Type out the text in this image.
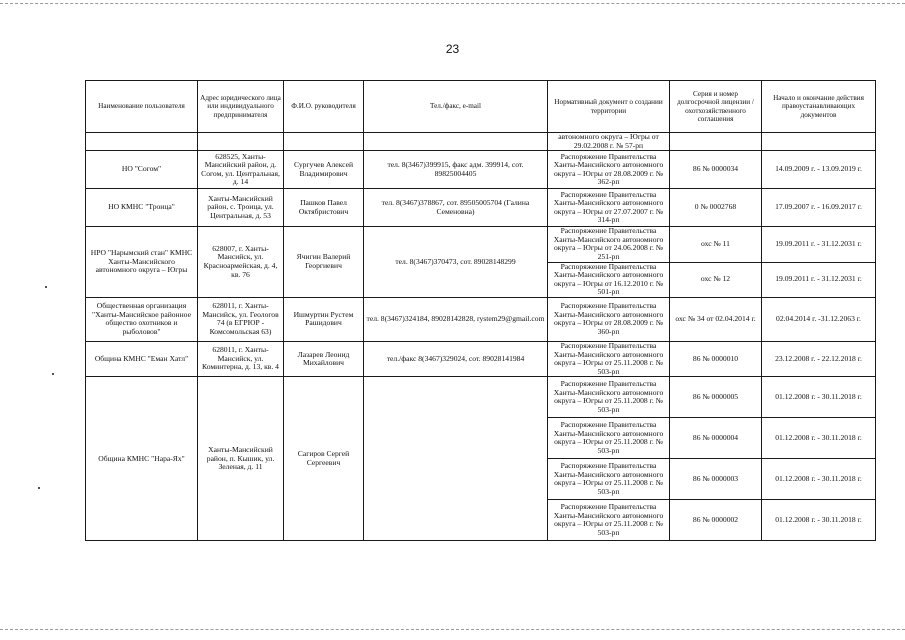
23
Наименование пользователя	Адрес юридического лица или индивидуального предпринимателя	Ф.И.О. руководителя	Тел./факс, e-mail	Нормативный документ о создании территории	Серия и номер долгосрочной лицензии /охотхозяйственного соглашения	Начало и окончание действия правоустанавливающих документов
				автономного округа – Югры от 29.02.2008 г. № 57-рп		
НО "Согом"	628525, Ханты-Мансийский район, д. Согом, ул. Центральная, д. 14	Сургучев Алексей Владимирович	тел. 8(3467)399915, факс адм. 399914, сот. 89825004405	Распоряжение Правительства Ханты-Мансийского автономного округа – Югры от 28.08.2009 г. № 362-рп	86 № 0000034	14.09.2009 г. - 13.09.2019 г.
НО КМНС "Троица"	Ханты-Мансийский район, с. Троица, ул. Центральная, д. 53	Пашков Павел Октябристович	тел. 8(3467)378867, сот. 89505005704 (Галина Семеновна)	Распоряжение Правительства Ханты-Мансийского автономного округа – Югры от 27.07.2007 г. № 314-рп	0 № 0002768	17.09.2007 г. - 16.09.2017 г.
НРО "Нарымский стан" КМНС Ханты-Мансийского автономного округа – Югры	628007, г. Ханты-Мансийск, ул. Красноармейская, д. 4, кв. 76	Ячигин Валерий Георгиевич	тел. 8(3467)370473, сот. 89028148299	Распоряжение Правительства Ханты-Мансийского автономного округа – Югры от 24.06.2008 г. № 251-рп	охс № 11	19.09.2011 г. - 31.12.2031 г.
				Распоряжение Правительства Ханты-Мансийского автономного округа – Югры от 16.12.2010 г. № 501-рп	охс № 12	19.09.2011 г. - 31.12.2031 г.
Общественная организация "Ханты-Мансийское районное общество охотников и рыболовов"	628011, г. Ханты-Мансийск, ул. Геологов 74 (в ЕГРЮР - Комсомольская 63)	Ишмуртин Рустем Рашидович	тел. 8(3467)324184, 89028142828, rystem29@gmail.com	Распоряжение Правительства Ханты-Мансийского автономного округа – Югры от 28.08.2009 г. № 360-рп	охс № 34 от 02.04.2014 г.	02.04.2014 г. -31.12.2063 г.
Община КМНС "Еман Хатл"	628011, г. Ханты-Мансийск, ул. Коминтерна, д. 13, кв. 4	Лазарев Леонид Михайлович	тел./факс 8(3467)329024, сот. 89028141984	Распоряжение Правительства Ханты-Мансийского автономного округа – Югры от 25.11.2008 г. № 503-рп	86 № 0000010	23.12.2008 г. - 22.12.2018 г.
Община КМНС "Нара-Ях"	Ханты-Мансийский район, п. Кышик, ул. Зеленая, д. 11	Сагиров Сергей Сергеевич		Распоряжение Правительства Ханты-Мансийского автономного округа – Югры от 25.11.2008 г. № 503-рп	86 № 0000005	01.12.2008 г. - 30.11.2018 г.
				Распоряжение Правительства Ханты-Мансийского автономного округа – Югры от 25.11.2008 г. № 503-рп	86 № 0000004	01.12.2008 г. - 30.11.2018 г.
				Распоряжение Правительства Ханты-Мансийского автономного округа – Югры от 25.11.2008 г. № 503-рп	86 № 0000003	01.12.2008 г. - 30.11.2018 г.
				Распоряжение Правительства Ханты-Мансийского автономного округа – Югры от 25.11.2008 г. № 503-рп	86 № 0000002	01.12.2008 г. - 30.11.2018 г.
